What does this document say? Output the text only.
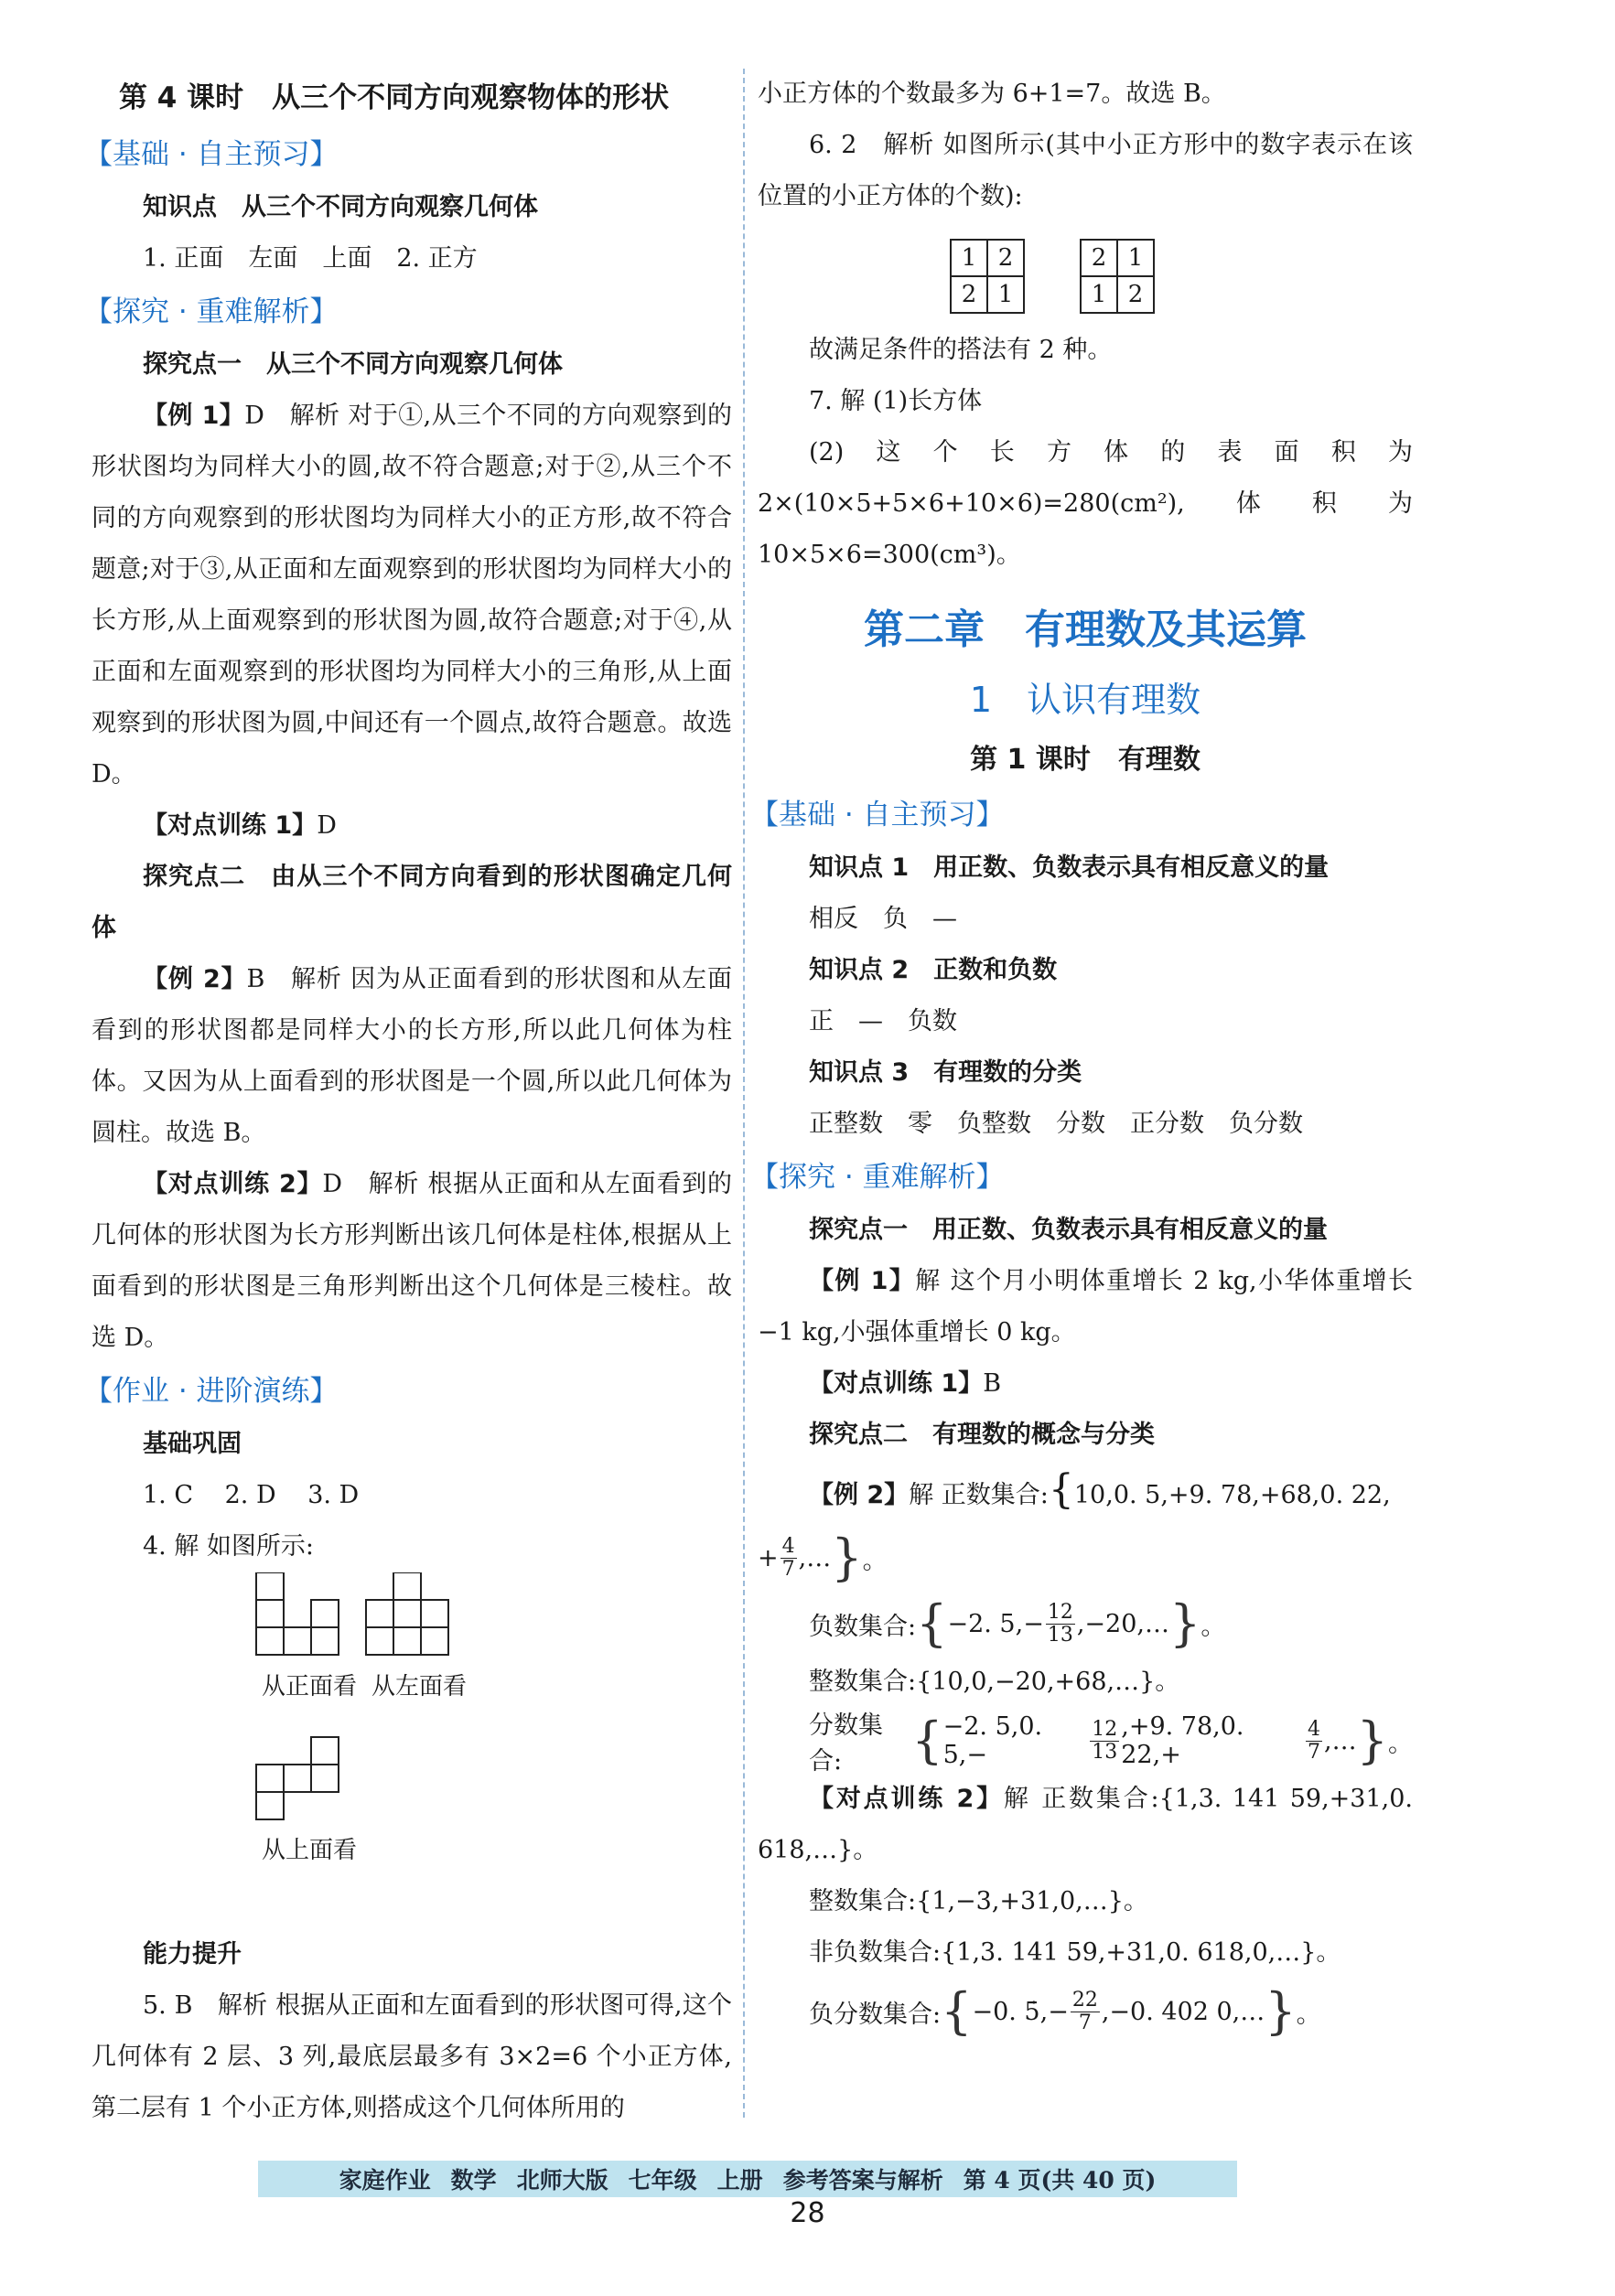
第 4 课时　从三个不同方向观察物体的形状

【基础 · 自主预习】

知识点　从三个不同方向观察几何体

1. 正面　左面　上面　2. 正方

【探究 · 重难解析】

探究点一　从三个不同方向观察几何体

【例 1】D　解析 对于①,从三个不同的方向观察到的形状图均为同样大小的圆,故不符合题意;对于②,从三个不同的方向观察到的形状图均为同样大小的正方形,故不符合题意;对于③,从正面和左面观察到的形状图均为同样大小的长方形,从上面观察到的形状图为圆,故符合题意;对于④,从正面和左面观察到的形状图均为同样大小的三角形,从上面观察到的形状图为圆,中间还有一个圆点,故符合题意。故选 D。

【对点训练 1】D

探究点二　由从三个不同方向看到的形状图确定几何体

【例 2】B　解析 因为从正面看到的形状图和从左面看到的形状图都是同样大小的长方形,所以此几何体为柱体。又因为从上面看到的形状图是一个圆,所以此几何体为圆柱。故选 B。

【对点训练 2】D　解析 根据从正面和从左面看到的几何体的形状图为长方形判断出该几何体是柱体,根据从上面看到的形状图是三角形判断出这个几何体是三棱柱。故选 D。

【作业 · 进阶演练】

基础巩固

1. C 2. D 3. D

4. 解 如图所示:

从正面看 从左面看
从上面看

能力提升

5. B　解析 根据从正面和左面看到的形状图可得,这个几何体有 2 层、3 列,最底层最多有 3×2=6 个小正方体,第二层有 1 个小正方体,则搭成这个几何体所用的

小正方体的个数最多为 6+1=7。故选 B。

6. 2　解析 如图所示(其中小正方形中的数字表示在该位置的小正方体的个数):

1	2
2	1
2	1
1	2

故满足条件的搭法有 2 种。

7. 解 (1)长方体

(2)这个长方体的表面积为 2×(10×5+5×6+10×6)=280(cm²),体积为 10×5×6=300(cm³)。

第二章　有理数及其运算

1　认识有理数

第 1 课时　有理数

【基础 · 自主预习】

知识点 1　用正数、负数表示具有相反意义的量

相反　负　—

知识点 2　正数和负数

正　—　负数

知识点 3　有理数的分类

正整数　零　负整数　分数　正分数　负分数

【探究 · 重难解析】

探究点一　用正数、负数表示具有相反意义的量

【例 1】解 这个月小明体重增长 2 kg,小华体重增长−1 kg,小强体重增长 0 kg。

【对点训练 1】B

探究点二　有理数的概念与分类

【例 2】解 正数集合:{10,0. 5,+9. 78,+68,0. 22,

+ $\frac{4}{7}$ ,… } 。
负数集合: { −2. $5,- \frac{12}{13}$ ,−20,… } 。

整数集合:{10,0,−20,+68,…}。

分数集合:	{ −2. 5,0. 5,−	$\frac{12}{13} ,+9$. 78,0. 22,+	$\frac{4}{7}$ ,… } 。

【对点训练 2】解 正数集合:{1,3. 141 59,+31,0. 618,…}。

整数集合:{1,−3,+31,0,…}。

非负数集合:{1,3. 141 59,+31,0. 618,0,…}。

负分数集合: { −0. 5̇,− $\frac{22}{7} ,-0$. 402 0,… } 。
家庭作业 数学 北师大版 七年级 上册 参考答案与解析 第 4 页(共 40 页)
28
